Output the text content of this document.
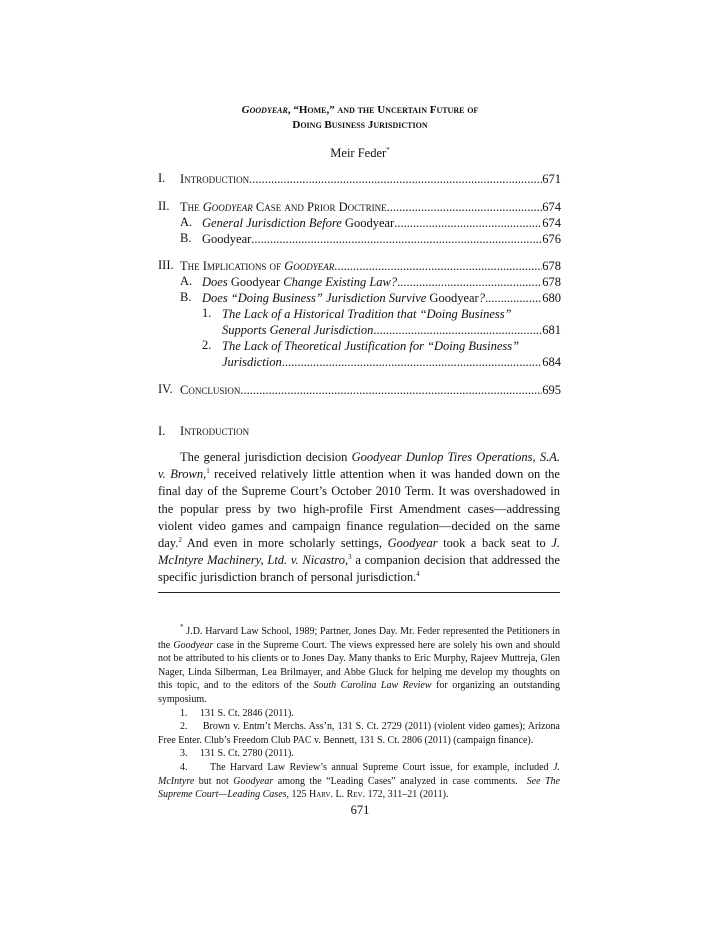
Goodyear, “Home,” and the Uncertain Future of
Doing Business Jurisdiction
Meir Feder*
I. Introduction .....	671
II. The Goodyear Case and Prior Doctrine .....	674
A. General Jurisdiction Before Goodyear .....	674
B. Goodyear .....	676
III. The Implications of Goodyear .....	678
A. Does Goodyear Change Existing Law? .....	678
B. Does “Doing Business” Jurisdiction Survive Goodyear? .....	680
1. The Lack of a Historical Tradition that “Doing Business”
Supports General Jurisdiction .....	681
2. The Lack of Theoretical Justification for “Doing Business”
Jurisdiction .....	684
IV. Conclusion .....	695
I. Introduction
The general jurisdiction decision Goodyear Dunlop Tires Operations, S.A. v. Brown,$^1$ received relatively little attention when it was handed down on the final day of the Supreme Court’s October 2010 Term. It was overshadowed in the popular press by two high-profile First Amendment cases—addressing violent video games and campaign finance regulation—decided on the same day.$^2$ And even in more scholarly settings, Goodyear took a back seat to J. McIntyre Machinery, Ltd. v. Nicastro,$^3$ a companion decision that addressed the specific jurisdiction branch of personal jurisdiction.$^4$

* J.D. Harvard Law School, 1989; Partner, Jones Day. Mr. Feder represented the Petitioners in the Goodyear case in the Supreme Court. The views expressed here are solely his own and should not be attributed to his clients or to Jones Day. Many thanks to Eric Murphy, Rajeev Muttreja, Glen Nager, Linda Silberman, Lea Brilmayer, and Abbe Gluck for helping me develop my thoughts on this topic, and to the editors of the South Carolina Law Review for organizing an outstanding symposium.

1.     131 S. Ct. 2846 (2011).

2.     Brown v. Entm’t Merchs. Ass’n, 131 S. Ct. 2729 (2011) (violent video games); Arizona Free Enter. Club’s Freedom Club PAC v. Bennett, 131 S. Ct. 2806 (2011) (campaign finance).

3.     131 S. Ct. 2780 (2011).

4.     The Harvard Law Review’s annual Supreme Court issue, for example, included J. McIntyre but not Goodyear among the “Leading Cases” analyzed in case comments.  See The Supreme Court—Leading Cases, 125 Harv. L. Rev. 172, 311–21 (2011).

671
